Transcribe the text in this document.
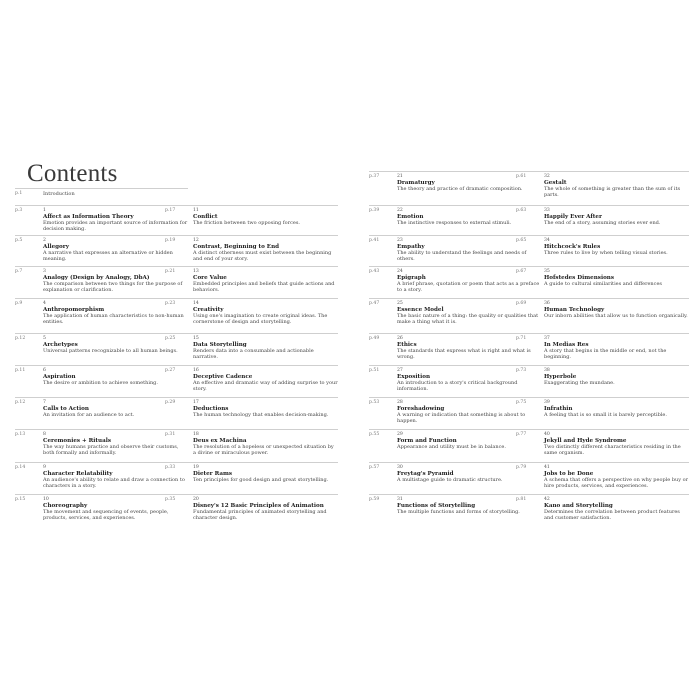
Contents
p.1	Introduction
p.3	1
Affect as Information Theory
Emotion provides an important source of information for decision making.
p.5	2
Allegory
A narrative that expresses an alternative or hidden meaning.
p.7	3
Analogy (Design by Analogy, DbA)
The comparison between two things for the purpose of explanation or clarification.
p.9	4
Anthropomorphism
The application of human characteristics to non-human entities.
p.12	5
Archetypes
Universal patterns recognizable to all human beings.
p.11	6
Aspiration
The desire or ambition to achieve something.
p.12	7
Calls to Action
An invitation for an audience to act.
p.13	8
Ceremonies + Rituals
The way humans practice and observe their customs, both formally and informally.
p.14	9
Character Relatability
An audience's ability to relate and draw a connection to characters in a story.
p.15	10
Choreography
The movement and sequencing of events, people, products, services, and experiences.
p.17	11
Conflict
The friction between two opposing forces.
p.19	12
Contrast, Beginning to End
A distinct otherness must exist between the beginning and end of your story.
p.21	13
Core Value
Embedded principles and beliefs that guide actions and behaviors.
p.23	14
Creativity
Using one's imagination to create original ideas. The cornerstone of design and storytelling.
p.25	15
Data Storytelling
Renders data into a consumable and actionable narrative.
p.27	16
Deceptive Cadence
An effective and dramatic way of adding surprise to your story.
p.29	17
Deductions
The human technology that enables decision-making.
p.31	18
Deus ex Machina
The resolution of a hopeless or unexpected situation by a divine or miraculous power.
p.33	19
Dieter Rams
Ten principles for good design and great storytelling.
p.35	20
Disney's 12 Basic Principles of Animation
Fundamental principles of animated storytelling and character design.
p.37	21
Dramaturgy
The theory and practice of dramatic composition.
p.39	22
Emotion
The instinctive responses to external stimuli.
p.41	23
Empathy
The ability to understand the feelings and needs of others.
p.43	24
Epigraph
A brief phrase, quotation or poem that acts as a preface to a story.
p.47	25
Essence Model
The basic nature of a thing: the quality or qualities that make a thing what it is.
p.49	26
Ethics
The standards that express what is right and what is wrong.
p.51	27
Exposition
An introduction to a story's critical background information.
p.53	28
Foreshadowing
A warning or indication that something is about to happen.
p.55	29
Form and Function
Appearance and utility must be in balance.
p.57	30
Freytag's Pyramid
A multistage guide to dramatic structure.
p.59	31
Functions of Storytelling
The multiple functions and forms of storytelling.
p.61	32
Gestalt
The whole of something is greater than the sum of its parts.
p.63	33
Happily Ever After
The end of a story, assuming stories ever end.
p.65	34
Hitchcock's Rules
Three rules to live by when telling visual stories.
p.67	35
Hofstedes Dimensions
A guide to cultural similarities and differences
p.69	36
Human Technology
Our inborn abilities that allow us to function organically.
p.71	37
In Medias Res
A story that begins in the middle or end, not the beginning.
p.73	38
Hyperbole
Exaggerating the mundane.
p.75	39
Infrathin
A feeling that is so small it is barely perceptible.
p.77	40
Jekyll and Hyde Syndrome
Two distinctly different characteristics residing in the same organism.
p.79	41
Jobs to be Done
A schema that offers a perspective on why people buy or hire products, services, and experiences.
p.81	42
Kano and Storytelling
Determines the correlation between product features and customer satisfaction.
